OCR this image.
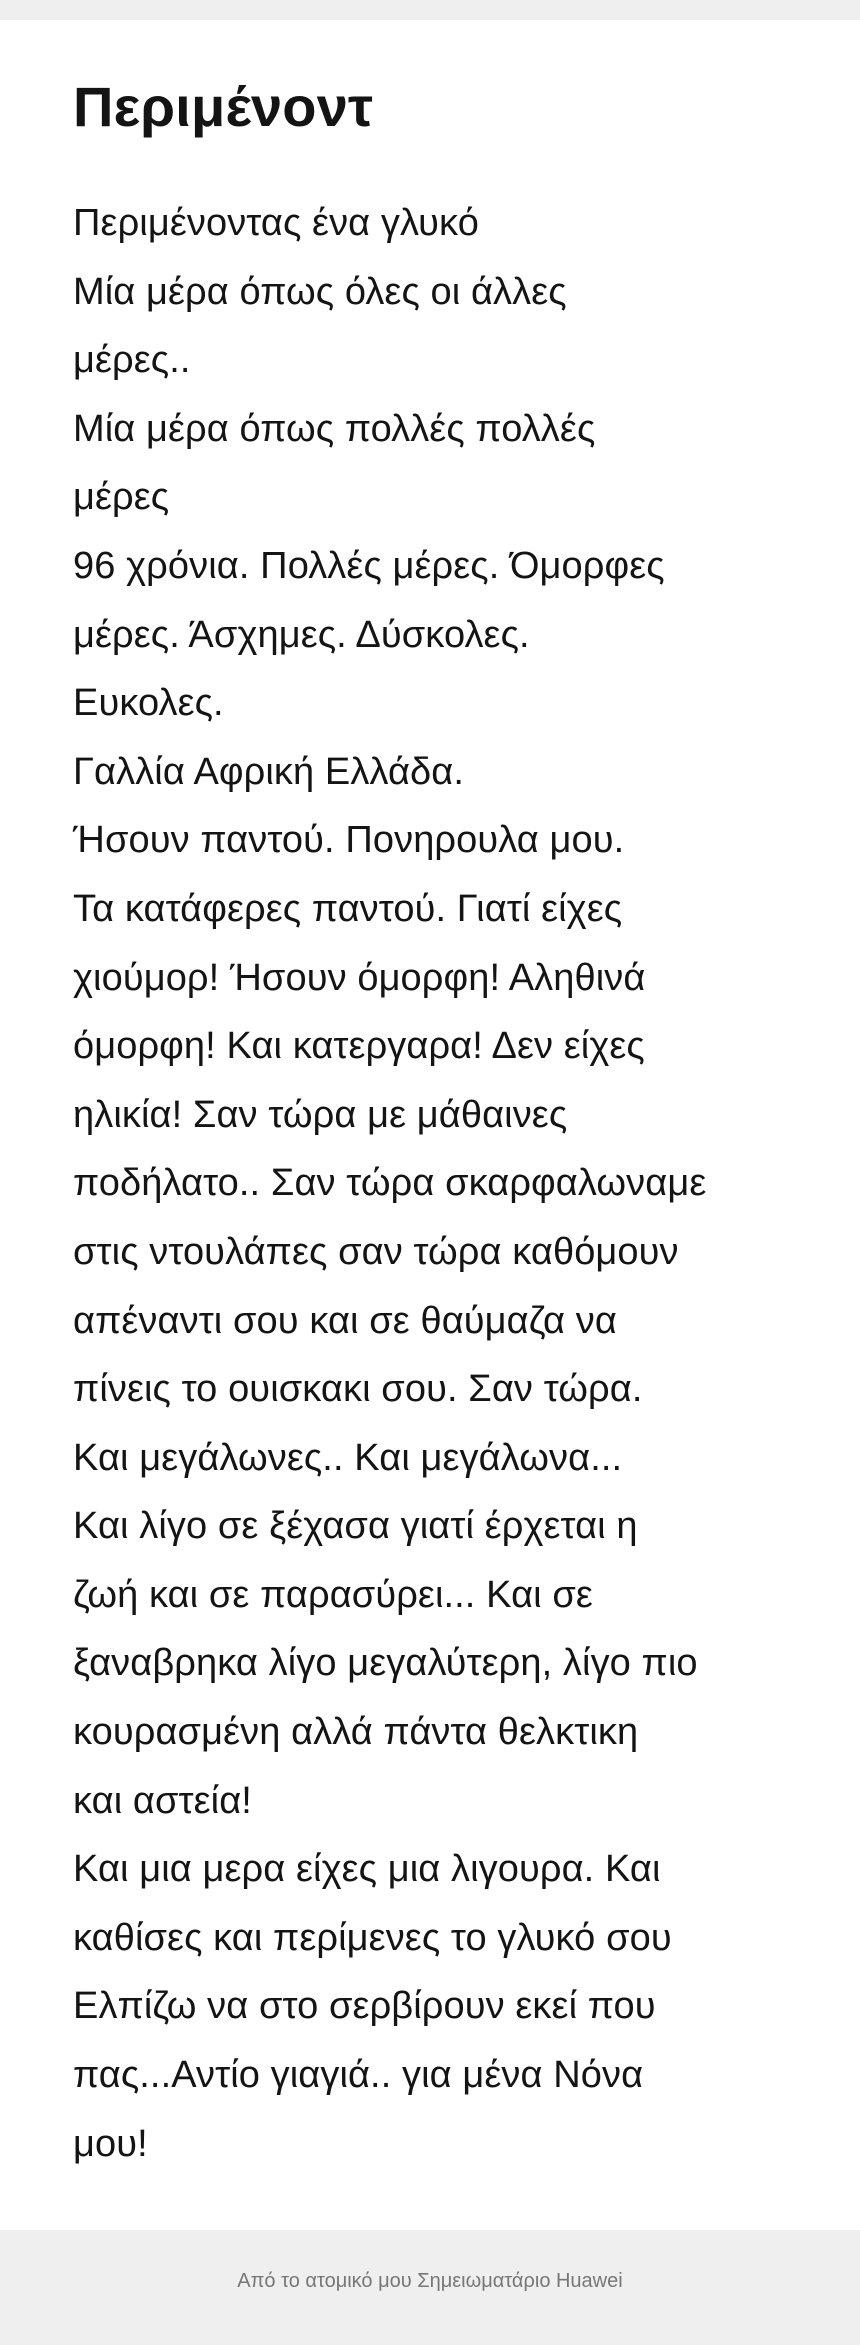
Περιμένοντ
Περιμένοντας ένα γλυκό
Μία μέρα όπως όλες οι άλλες
μέρες..
Μία μέρα όπως πολλές πολλές
μέρες
96 χρόνια. Πολλές μέρες. Όμορφες
μέρες. Άσχημες. Δύσκολες.
Ευκολες.
Γαλλία Αφρική Ελλάδα.
Ήσουν παντού. Πονηρουλα μου.
Τα κατάφερες παντού. Γιατί είχες
χιούμορ! Ήσουν όμορφη! Αληθινά
όμορφη! Και κατεργαρα! Δεν είχες
ηλικία! Σαν τώρα με μάθαινες
ποδήλατο.. Σαν τώρα σκαρφαλωναμε
στις ντουλάπες σαν τώρα καθόμουν
απέναντι σου και σε θαύμαζα να
πίνεις το ουισκακι σου. Σαν τώρα.
Και μεγάλωνες.. Και μεγάλωνα...
Και λίγο σε ξέχασα γιατί έρχεται η
ζωή και σε παρασύρει... Και σε
ξαναβρηκα λίγο μεγαλύτερη, λίγο πιο
κουρασμένη αλλά πάντα θελκτικη
και αστεία!
Και μια μερα είχες μια λιγουρα. Και
καθίσες και περίμενες το γλυκό σου
Ελπίζω να στο σερβίρουν εκεί που
πας...Αντίο γιαγιά.. για μένα Νόνα
μου!
Από το ατομικό μου Σημειωματάριο Huawei
